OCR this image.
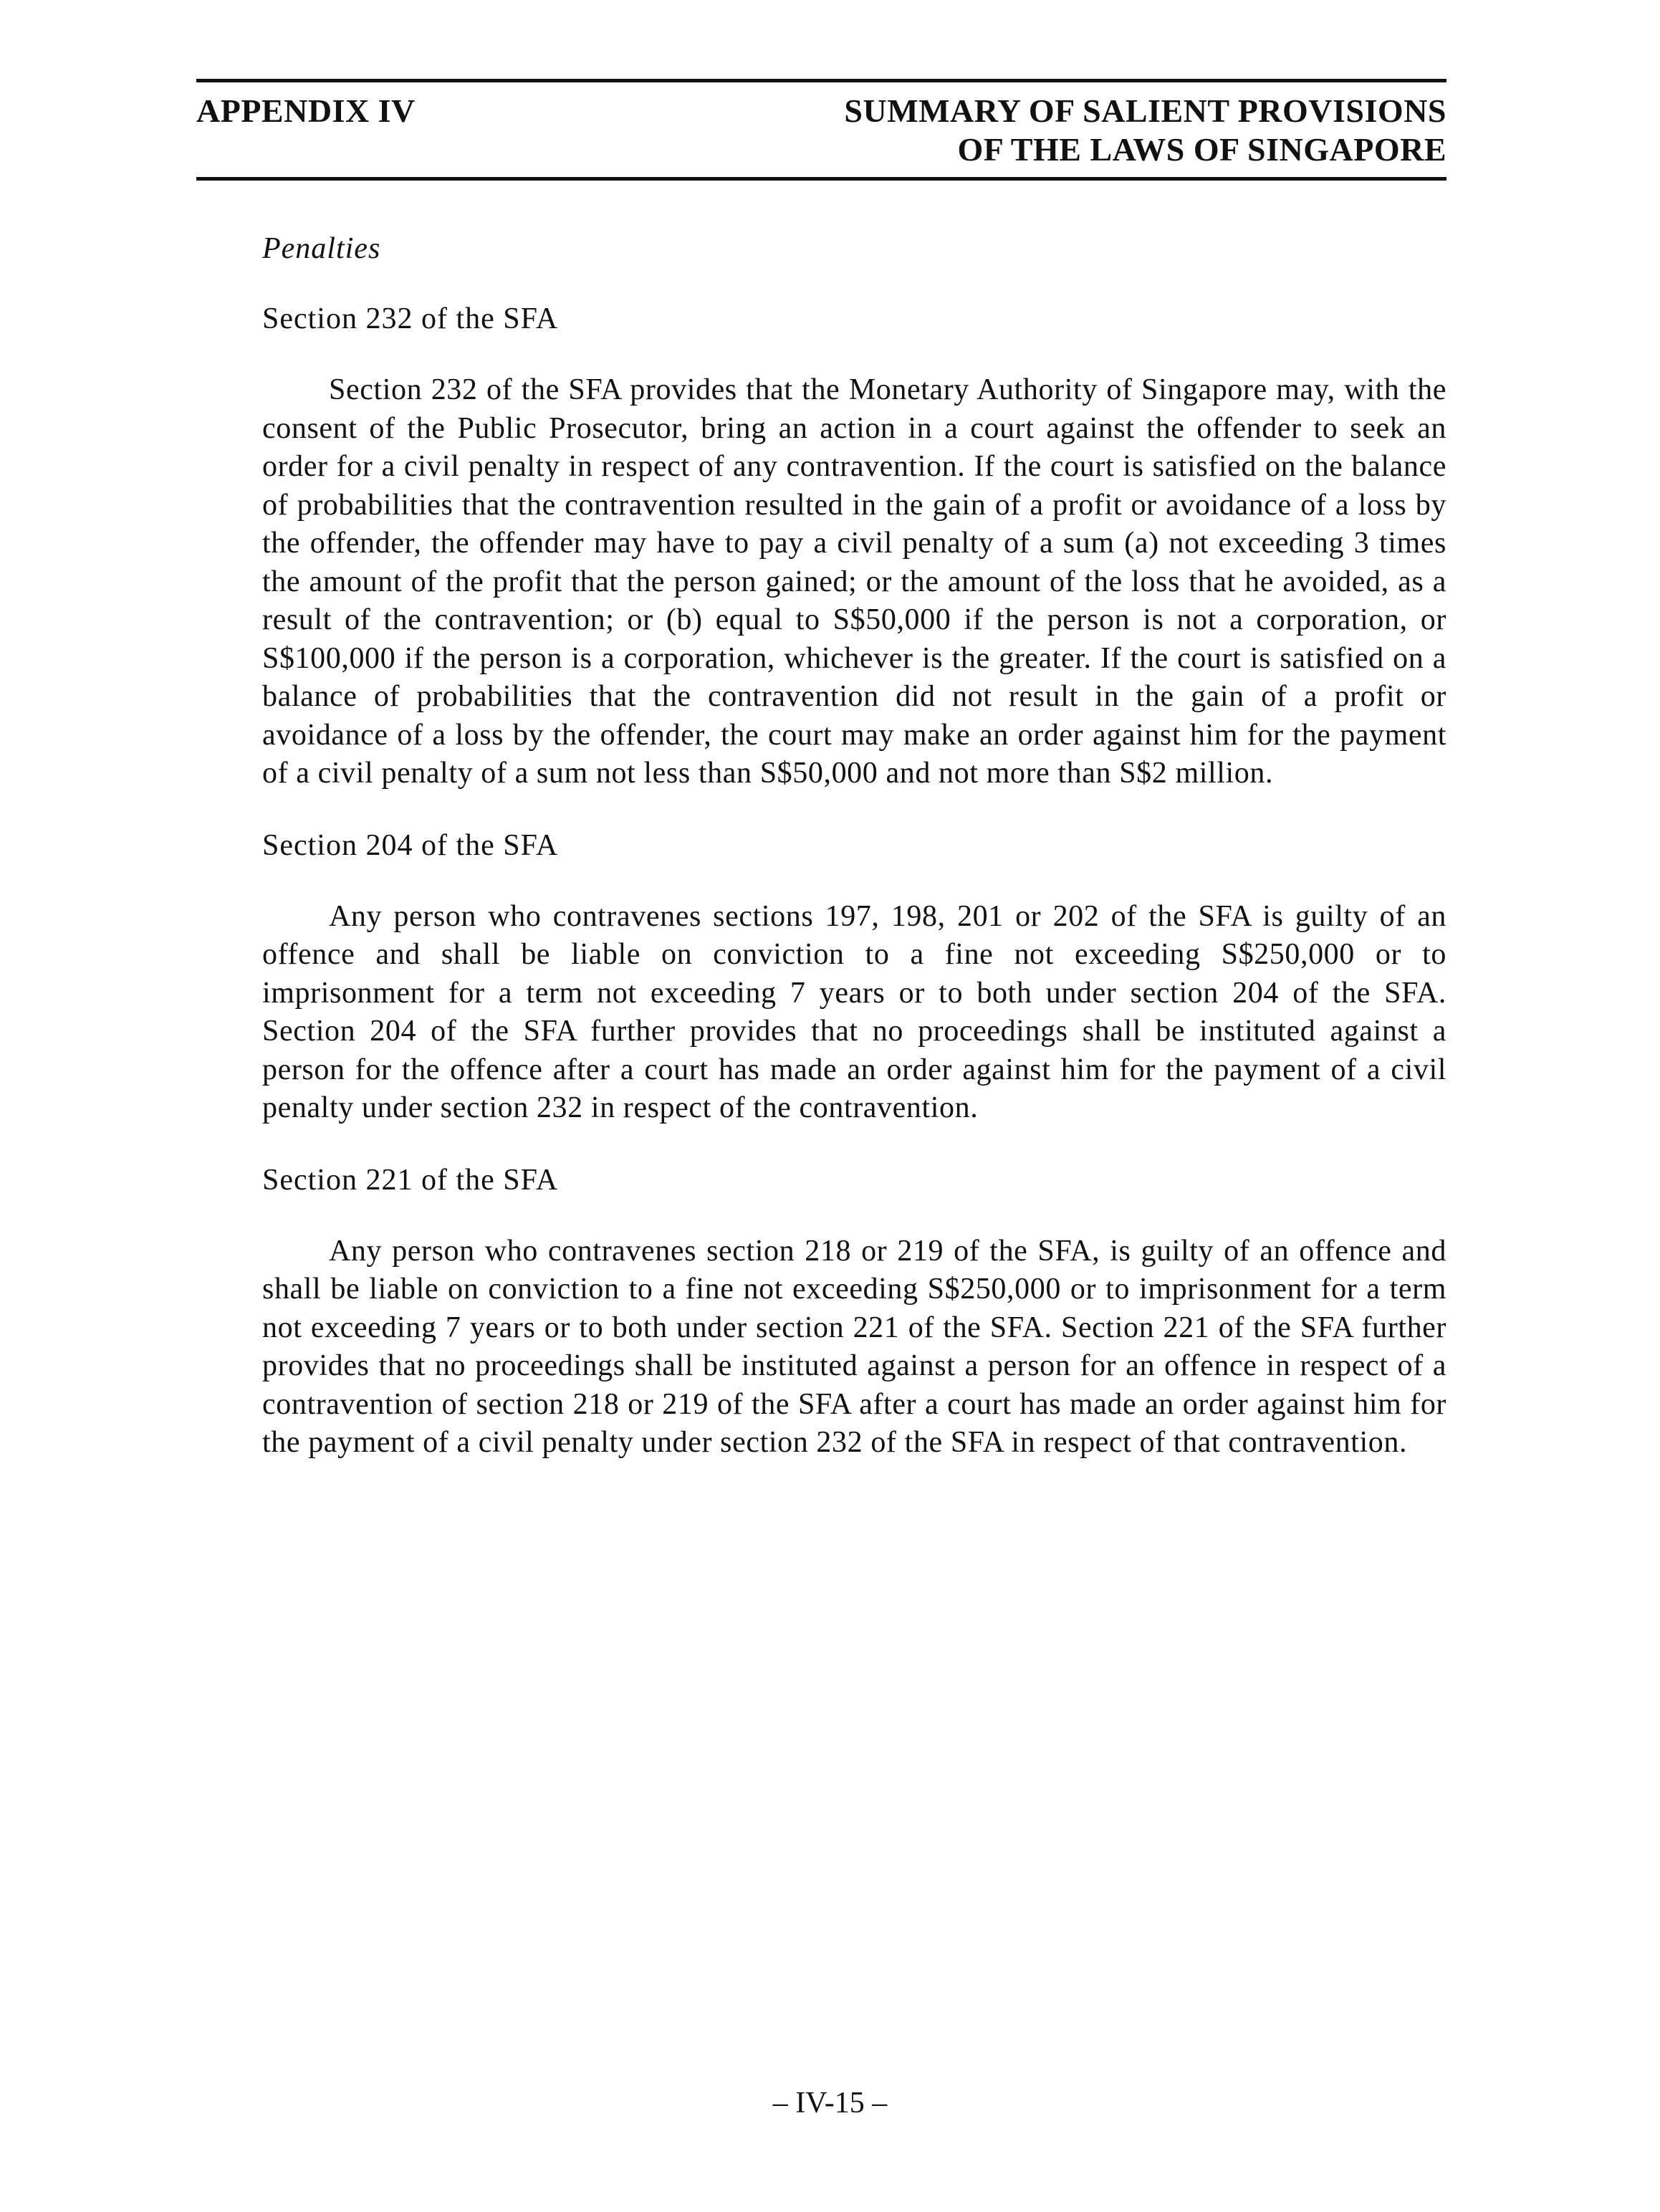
APPENDIX IV	SUMMARY OF SALIENT PROVISIONS
OF THE LAWS OF SINGAPORE
Penalties
Section 232 of the SFA

Section 232 of the SFA provides that the Monetary Authority of Singapore may, with the consent of the Public Prosecutor, bring an action in a court against the offender to seek an order for a civil penalty in respect of any contravention. If the court is satisfied on the balance of probabilities that the contravention resulted in the gain of a profit or avoidance of a loss by the offender, the offender may have to pay a civil penalty of a sum (a) not exceeding 3 times the amount of the profit that the person gained; or the amount of the loss that he avoided, as a result of the contravention; or (b) equal to S$50,000 if the person is not a corporation, or S$100,000 if the person is a corporation, whichever is the greater. If the court is satisfied on a balance of probabilities that the contravention did not result in the gain of a profit or avoidance of a loss by the offender, the court may make an order against him for the payment of a civil penalty of a sum not less than S$50,000 and not more than S$2 million.

Section 204 of the SFA

Any person who contravenes sections 197, 198, 201 or 202 of the SFA is guilty of an offence and shall be liable on conviction to a fine not exceeding S$250,000 or to imprisonment for a term not exceeding 7 years or to both under section 204 of the SFA. Section 204 of the SFA further provides that no proceedings shall be instituted against a person for the offence after a court has made an order against him for the payment of a civil penalty under section 232 in respect of the contravention.

Section 221 of the SFA

Any person who contravenes section 218 or 219 of the SFA, is guilty of an offence and shall be liable on conviction to a fine not exceeding S$250,000 or to imprisonment for a term not exceeding 7 years or to both under section 221 of the SFA. Section 221 of the SFA further provides that no proceedings shall be instituted against a person for an offence in respect of a contravention of section 218 or 219 of the SFA after a court has made an order against him for the payment of a civil penalty under section 232 of the SFA in respect of that contravention.

– IV-15 –
